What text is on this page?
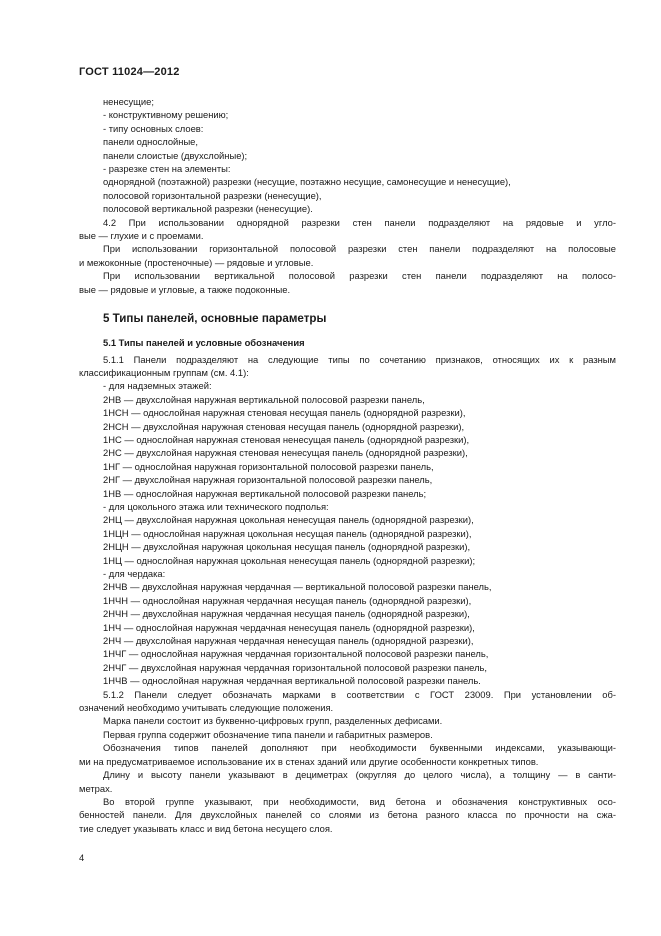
ГОСТ 11024—2012
ненесущие;
- конструктивному решению;
- типу основных слоев:
панели однослойные,
панели слоистые (двухслойные);
- разрезке стен на элементы:
однорядной (поэтажной) разрезки (несущие, поэтажно несущие, самонесущие и ненесущие),
полосовой горизонтальной разрезки (ненесущие),
полосовой вертикальной разрезки (ненесущие).
4.2 При использовании однорядной разрезки стен панели подразделяют на рядовые и угло-
вые — глухие и с проемами.
При использовании горизонтальной полосовой разрезки стен панели подразделяют на полосовые
и межоконные (простеночные) — рядовые и угловые.
При использовании вертикальной полосовой разрезки стен панели подразделяют на полосо-
вые — рядовые и угловые, а также подоконные.
5 Типы панелей, основные параметры
5.1 Типы панелей и условные обозначения
5.1.1 Панели подразделяют на следующие типы по сочетанию признаков, относящих их к разным
классификационным группам (см. 4.1):
- для надземных этажей:
2НВ — двухслойная наружная вертикальной полосовой разрезки панель,
1НСН — однослойная наружная стеновая несущая панель (однорядной разрезки),
2НСН — двухслойная наружная стеновая несущая панель (однорядной разрезки),
1НС — однослойная наружная стеновая ненесущая панель (однорядной разрезки),
2НС — двухслойная наружная стеновая ненесущая панель (однорядной разрезки),
1НГ — однослойная наружная горизонтальной полосовой разрезки панель,
2НГ — двухслойная наружная горизонтальной полосовой разрезки панель,
1НВ — однослойная наружная вертикальной полосовой разрезки панель;
- для цокольного этажа или технического подполья:
2НЦ — двухслойная наружная цокольная ненесущая панель (однорядной разрезки),
1НЦН — однослойная наружная цокольная несущая панель (однорядной разрезки),
2НЦН — двухслойная наружная цокольная несущая панель (однорядной разрезки),
1НЦ — однослойная наружная цокольная ненесущая панель (однорядной разрезки);
- для чердака:
2НЧВ — двухслойная наружная чердачная — вертикальной полосовой разрезки панель,
1НЧН — однослойная наружная чердачная несущая панель (однорядной разрезки),
2НЧН — двухслойная наружная чердачная несущая панель (однорядной разрезки),
1НЧ — однослойная наружная чердачная ненесущая панель (однорядной разрезки),
2НЧ — двухслойная наружная чердачная ненесущая панель (однорядной разрезки),
1НЧГ — однослойная наружная чердачная горизонтальной полосовой разрезки панель,
2НЧГ — двухслойная наружная чердачная горизонтальной полосовой разрезки панель,
1НЧВ — однослойная наружная чердачная вертикальной полосовой разрезки панель.
5.1.2 Панели следует обозначать марками в соответствии с ГОСТ 23009. При установлении об-
означений необходимо учитывать следующие положения.
Марка панели состоит из буквенно-цифровых групп, разделенных дефисами.
Первая группа содержит обозначение типа панели и габаритных размеров.
Обозначения типов панелей дополняют при необходимости буквенными индексами, указывающи-
ми на предусматриваемое использование их в стенах зданий или другие особенности конкретных типов.
Длину и высоту панели указывают в дециметрах (округляя до целого числа), а толщину — в санти-
метрах.
Во второй группе указывают, при необходимости, вид бетона и обозначения конструктивных осо-
бенностей панели. Для двухслойных панелей со слоями из бетона разного класса по прочности на сжа-
тие следует указывать класс и вид бетона несущего слоя.
4
